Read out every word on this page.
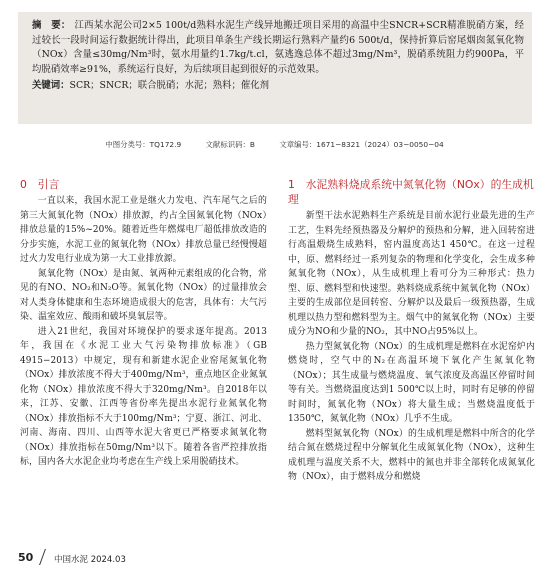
摘　要： 江西某水泥公司2×5 100t/d熟料水泥生产线异地搬迁项目采用的高温中尘SNCR+SCR精准脱硝方案，经过较长一段时间运行数据统计得出，此项目单条生产线长期运行熟料产量约6 500t/d，保持折算后窑尾烟囱氮氧化物（NOx）含量≤30mg/Nm³时，氨水用量约1.7kg/t.cl，氨逃逸总体不超过3mg/Nm³，脱硝系统阻力约900Pa，平均脱硝效率≥91%，系统运行良好，为后续项目起到很好的示范效果。

关键词：SCR；SNCR；联合脱硝；水泥；熟料；催化剂

中图分类号：TQ172.9	文献标识码：B	文章编号：1671−8321（2024）03−0050−04
0　引言

一直以来，我国水泥工业是继火力发电、汽车尾气之后的第三大氮氧化物（NOx）排放源，约占全国氮氧化物（NOx）排放总量的15%~20%。随着近些年燃煤电厂超低排放改造的分步实施，水泥工业的氮氧化物（NOx）排放总量已经慢慢超过火力发电行业成为第一大工业排放源。

氮氧化物（NOx）是由氮、氧两种元素组成的化合物，常见的有NO、NO₂和N₂O等。氮氧化物（NOx）的过量排放会对人类身体健康和生态环境造成很大的危害，具体有：大气污染、温室效应、酸雨和破坏臭氧层等。

进入21世纪，我国对环境保护的要求逐年提高。2013年，我国在《水泥工业大气污染物排放标准》（GB 4915−2013）中规定，现有和新建水泥企业窑尾氮氧化物（NOx）排放浓度不得大于400mg/Nm³，重点地区企业氮氧化物（NOx）排放浓度不得大于320mg/Nm³。自2018年以来，江苏、安徽、江西等省份率先提出水泥行业氮氧化物（NOx）排放指标不大于100mg/Nm³；宁夏、浙江、河北、河南、海南、四川、山西等水泥大省更已严格要求氮氧化物（NOx）排放指标在50mg/Nm³以下。随着各省严控排放指标，国内各大水泥企业均考虑在生产线上采用脱硝技术。

1　水泥熟料烧成系统中氮氧化物（NOx）的生成机理

新型干法水泥熟料生产系统是目前水泥行业最先进的生产工艺，生料先经预热器及分解炉的预热和分解，进入回转窑进行高温煅烧生成熟料，窑内温度高达1 450℃。在这一过程中，原、燃料经过一系列复杂的物理和化学变化，会生成多种氮氧化物（NOx），从生成机理上看可分为三种形式：热力型、原、燃料型和快速型。熟料烧成系统中氮氧化物（NOx）主要的生成部位是回转窑、分解炉以及最后一级预热器，生成机理以热力型和燃料型为主。烟气中的氮氧化物（NOx）主要成分为NO和少量的NO₂，其中NO占95%以上。

热力型氮氧化物（NOx）的生成机理是燃料在水泥窑炉内燃烧时，空气中的N₂在高温环境下氧化产生氮氧化物（NOx）；其生成量与燃烧温度、氧气浓度及高温区停留时间等有关。当燃烧温度达到1 500℃以上时，同时有足够的停留时间时，氮氧化物（NOx）将大量生成；当燃烧温度低于1350℃，氮氧化物（NOx）几乎不生成。

燃料型氮氧化物（NOx）的生成机理是燃料中所含的化学结合氮在燃烧过程中分解氧化生成氮氧化物（NOx），这种生成机理与温度关系不大，燃料中的氮也并非全部转化成氮氧化物（NOx），由于燃料成分和燃烧

50 中国水泥 2024.03
